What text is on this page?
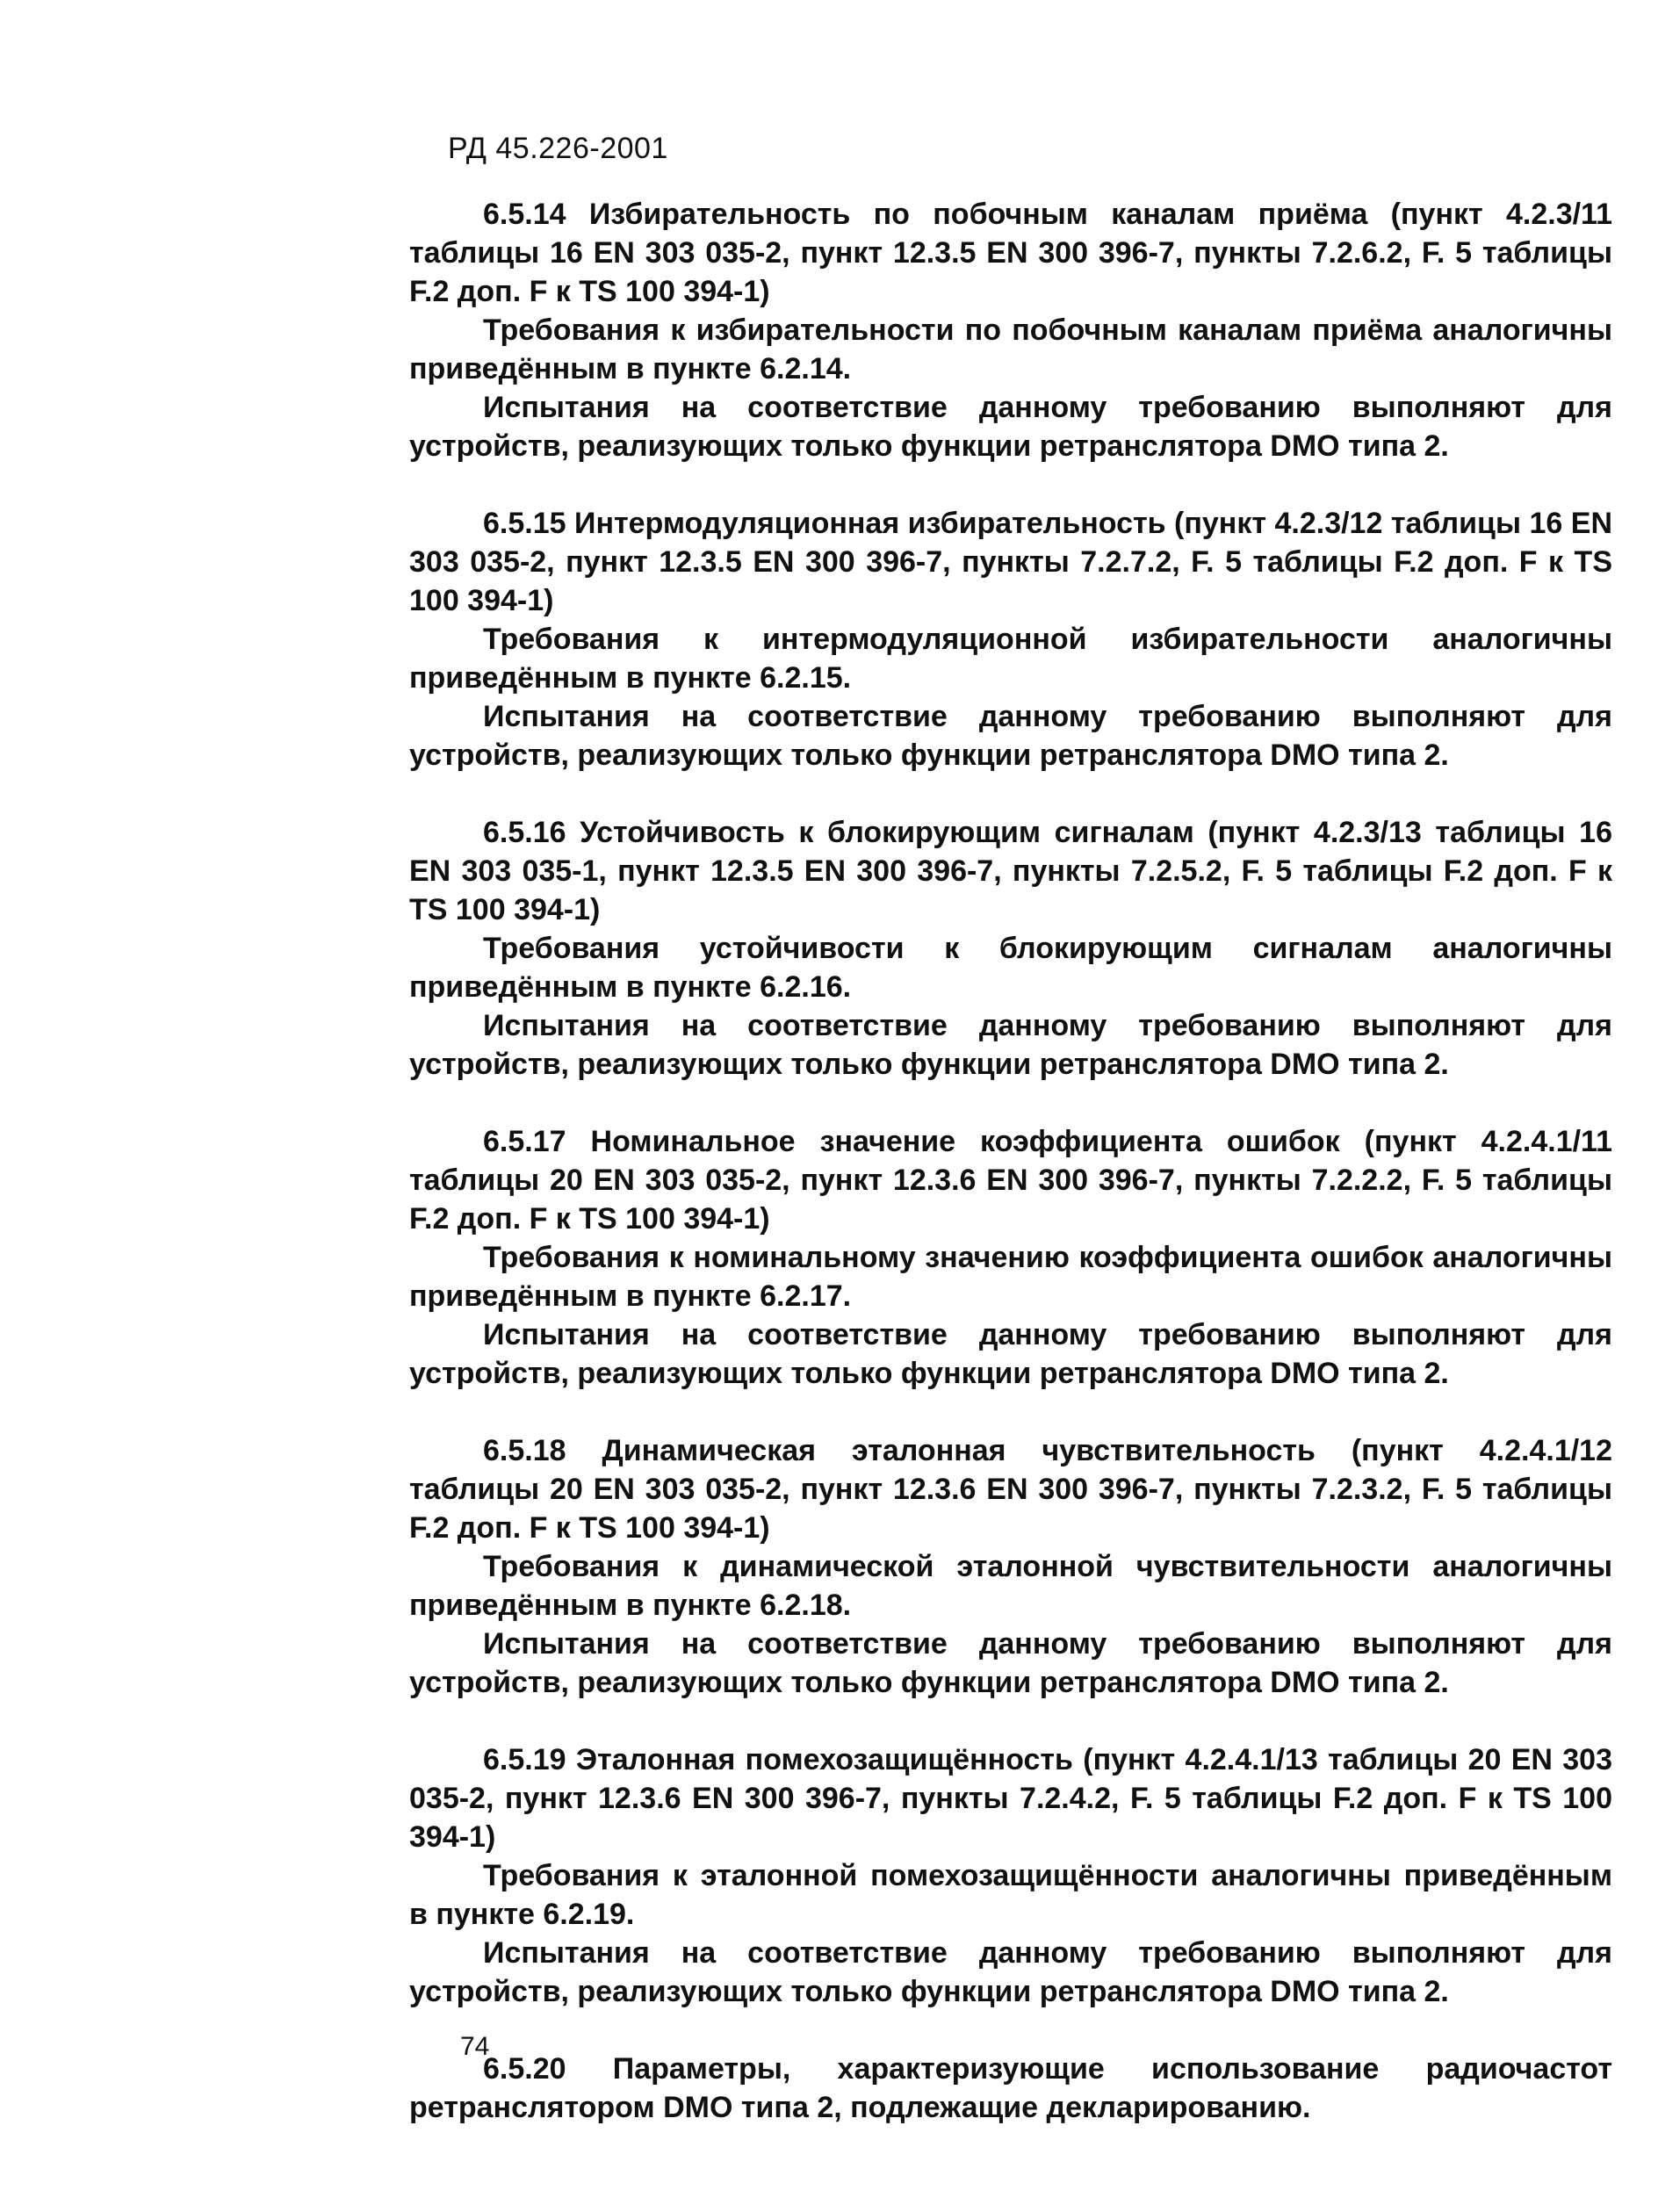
РД 45.226-2001

6.5.14 Избирательность по побочным каналам приёма (пункт 4.2.3/11 таблицы 16 EN 303 035-2, пункт 12.3.5 EN 300 396-7, пункты 7.2.6.2, F. 5 таблицы F.2 доп. F к TS 100 394-1)

Требования к избирательности по побочным каналам приёма аналогичны приведённым в пункте 6.2.14.

Испытания на соответствие данному требованию выполняют для устройств, реализующих только функции ретранслятора DMO типа 2.

6.5.15 Интермодуляционная избирательность (пункт 4.2.3/12 таблицы 16 EN 303 035-2, пункт 12.3.5 EN 300 396-7, пункты 7.2.7.2, F. 5 таблицы F.2 доп. F к TS 100 394-1)

Требования к интермодуляционной избирательности аналогичны приведённым в пункте 6.2.15.

Испытания на соответствие данному требованию выполняют для устройств, реализующих только функции ретранслятора DMO типа 2.

6.5.16 Устойчивость к блокирующим сигналам (пункт 4.2.3/13 таблицы 16 EN 303 035-1, пункт 12.3.5 EN 300 396-7, пункты 7.2.5.2, F. 5 таблицы F.2 доп. F к TS 100 394-1)

Требования устойчивости к блокирующим сигналам аналогичны приведённым в пункте 6.2.16.

Испытания на соответствие данному требованию выполняют для устройств, реализующих только функции ретранслятора DMO типа 2.

6.5.17 Номинальное значение коэффициента ошибок (пункт 4.2.4.1/11 таблицы 20 EN 303 035-2, пункт 12.3.6 EN 300 396-7, пункты 7.2.2.2, F. 5 таблицы F.2 доп. F к TS 100 394-1)

Требования к номинальному значению коэффициента ошибок аналогичны приведённым в пункте 6.2.17.

Испытания на соответствие данному требованию выполняют для устройств, реализующих только функции ретранслятора DMO типа 2.

6.5.18 Динамическая эталонная чувствительность (пункт 4.2.4.1/12 таблицы 20 EN 303 035-2, пункт 12.3.6 EN 300 396-7, пункты 7.2.3.2, F. 5 таблицы F.2 доп. F к TS 100 394-1)

Требования к динамической эталонной чувствительности аналогичны приведённым в пункте 6.2.18.

Испытания на соответствие данному требованию выполняют для устройств, реализующих только функции ретранслятора DMO типа 2.

6.5.19 Эталонная помехозащищённость (пункт 4.2.4.1/13 таблицы 20 EN 303 035-2, пункт 12.3.6 EN 300 396-7, пункты 7.2.4.2, F. 5 таблицы F.2 доп. F к TS 100 394-1)

Требования к эталонной помехозащищённости аналогичны приведённым в пункте 6.2.19.

Испытания на соответствие данному требованию выполняют для устройств, реализующих только функции ретранслятора DMO типа 2.

6.5.20 Параметры, характеризующие использование радиочастот ретранслятором DMO типа 2, подлежащие декларированию.

74
